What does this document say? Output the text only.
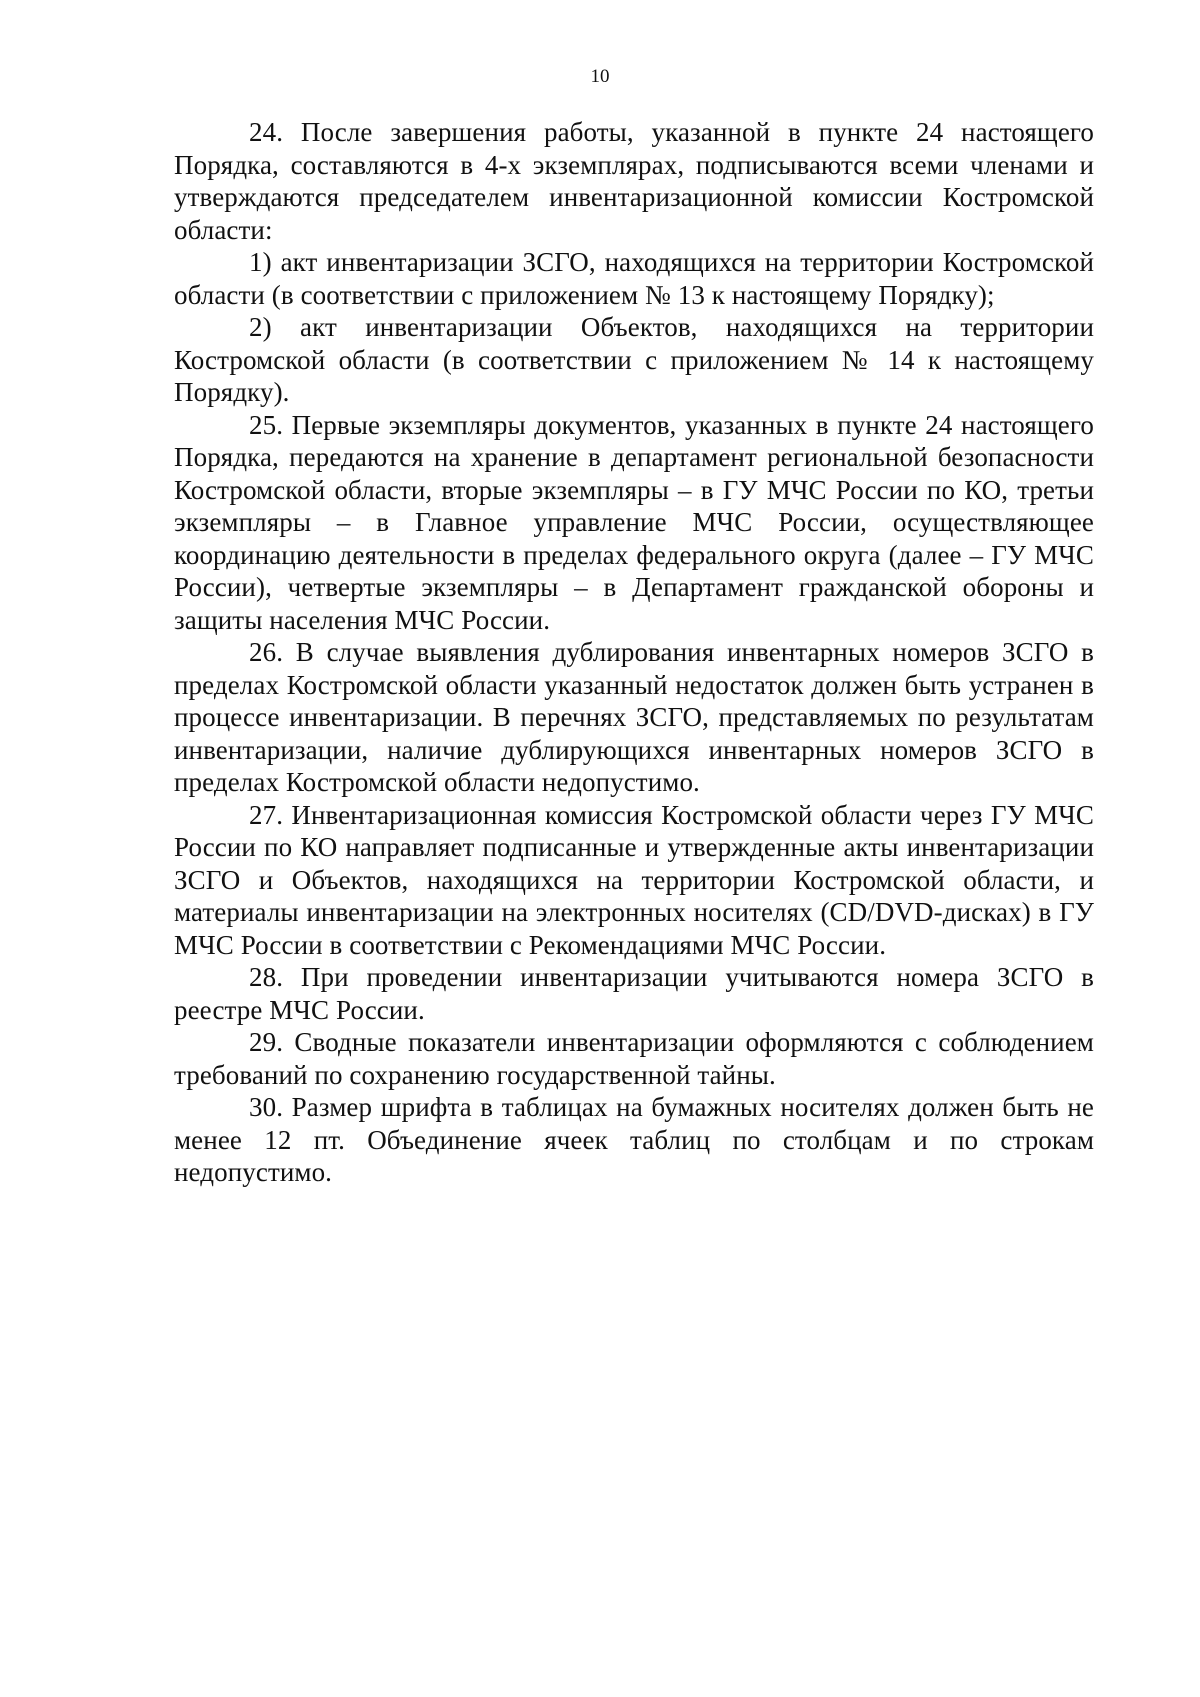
10

24. После завершения работы, указанной в пункте 24 настоящего Порядка, составляются в 4-х экземплярах, подписываются всеми членами и утверждаются председателем инвентаризационной комиссии Костромской области:

1) акт инвентаризации ЗСГО, находящихся на территории Костромской области (в соответствии с приложением № 13 к настоящему Порядку);

2) акт инвентаризации Объектов, находящихся на территории Костромской области (в соответствии с приложением № 14 к настоящему Порядку).

25. Первые экземпляры документов, указанных в пункте 24 настоящего Порядка, передаются на хранение в департамент региональной безопасности Костромской области, вторые экземпляры – в ГУ МЧС России по КО, третьи экземпляры – в Главное управление МЧС России, осуществляющее координацию деятельности в пределах федерального округа (далее – ГУ МЧС России), четвертые экземпляры – в Департамент гражданской обороны и защиты населения МЧС России.

26. В случае выявления дублирования инвентарных номеров ЗСГО в пределах Костромской области указанный недостаток должен быть устранен в процессе инвентаризации. В перечнях ЗСГО, представляемых по результатам инвентаризации, наличие дублирующихся инвентарных номеров ЗСГО в пределах Костромской области недопустимо.

27. Инвентаризационная комиссия Костромской области через ГУ МЧС России по КО направляет подписанные и утвержденные акты инвентаризации ЗСГО и Объектов, находящихся на территории Костромской области, и материалы инвентаризации на электронных носителях (CD/DVD-дисках) в ГУ МЧС России в соответствии с Рекомендациями МЧС России.

28. При проведении инвентаризации учитываются номера ЗСГО в реестре МЧС России.

29. Сводные показатели инвентаризации оформляются с соблюдением требований по сохранению государственной тайны.

30. Размер шрифта в таблицах на бумажных носителях должен быть не менее 12 пт. Объединение ячеек таблиц по столбцам и по строкам недопустимо.
